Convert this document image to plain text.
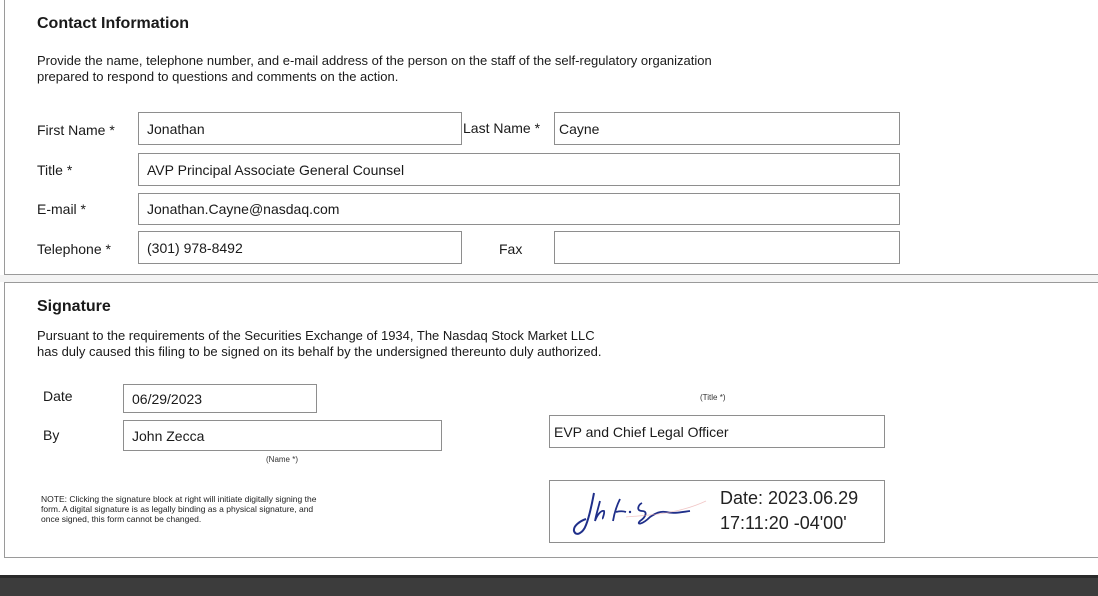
Contact Information
Provide the name, telephone number, and e-mail address of the person on the staff of the self-regulatory organization
prepared to respond to questions and comments on the action.
First Name *	Jonathan	Last Name *	Cayne
Title *	AVP Principal Associate General Counsel
E-mail *	Jonathan.Cayne@nasdaq.com
Telephone *	(301) 978-8492	Fax
Signature
Pursuant to the requirements of the Securities Exchange of 1934, The Nasdaq Stock Market LLC
has duly caused this filing to be signed on its behalf by the undersigned thereunto duly authorized.
Date	06/29/2023
By	John Zecca
(Name *)
(Title *)
EVP and Chief Legal Officer
NOTE: Clicking the signature block at right will initiate digitally signing the
form. A digital signature is as legally binding as a physical signature, and
once signed, this form cannot be changed.
Date: 2023.06.29
17:11:20 -04'00'
